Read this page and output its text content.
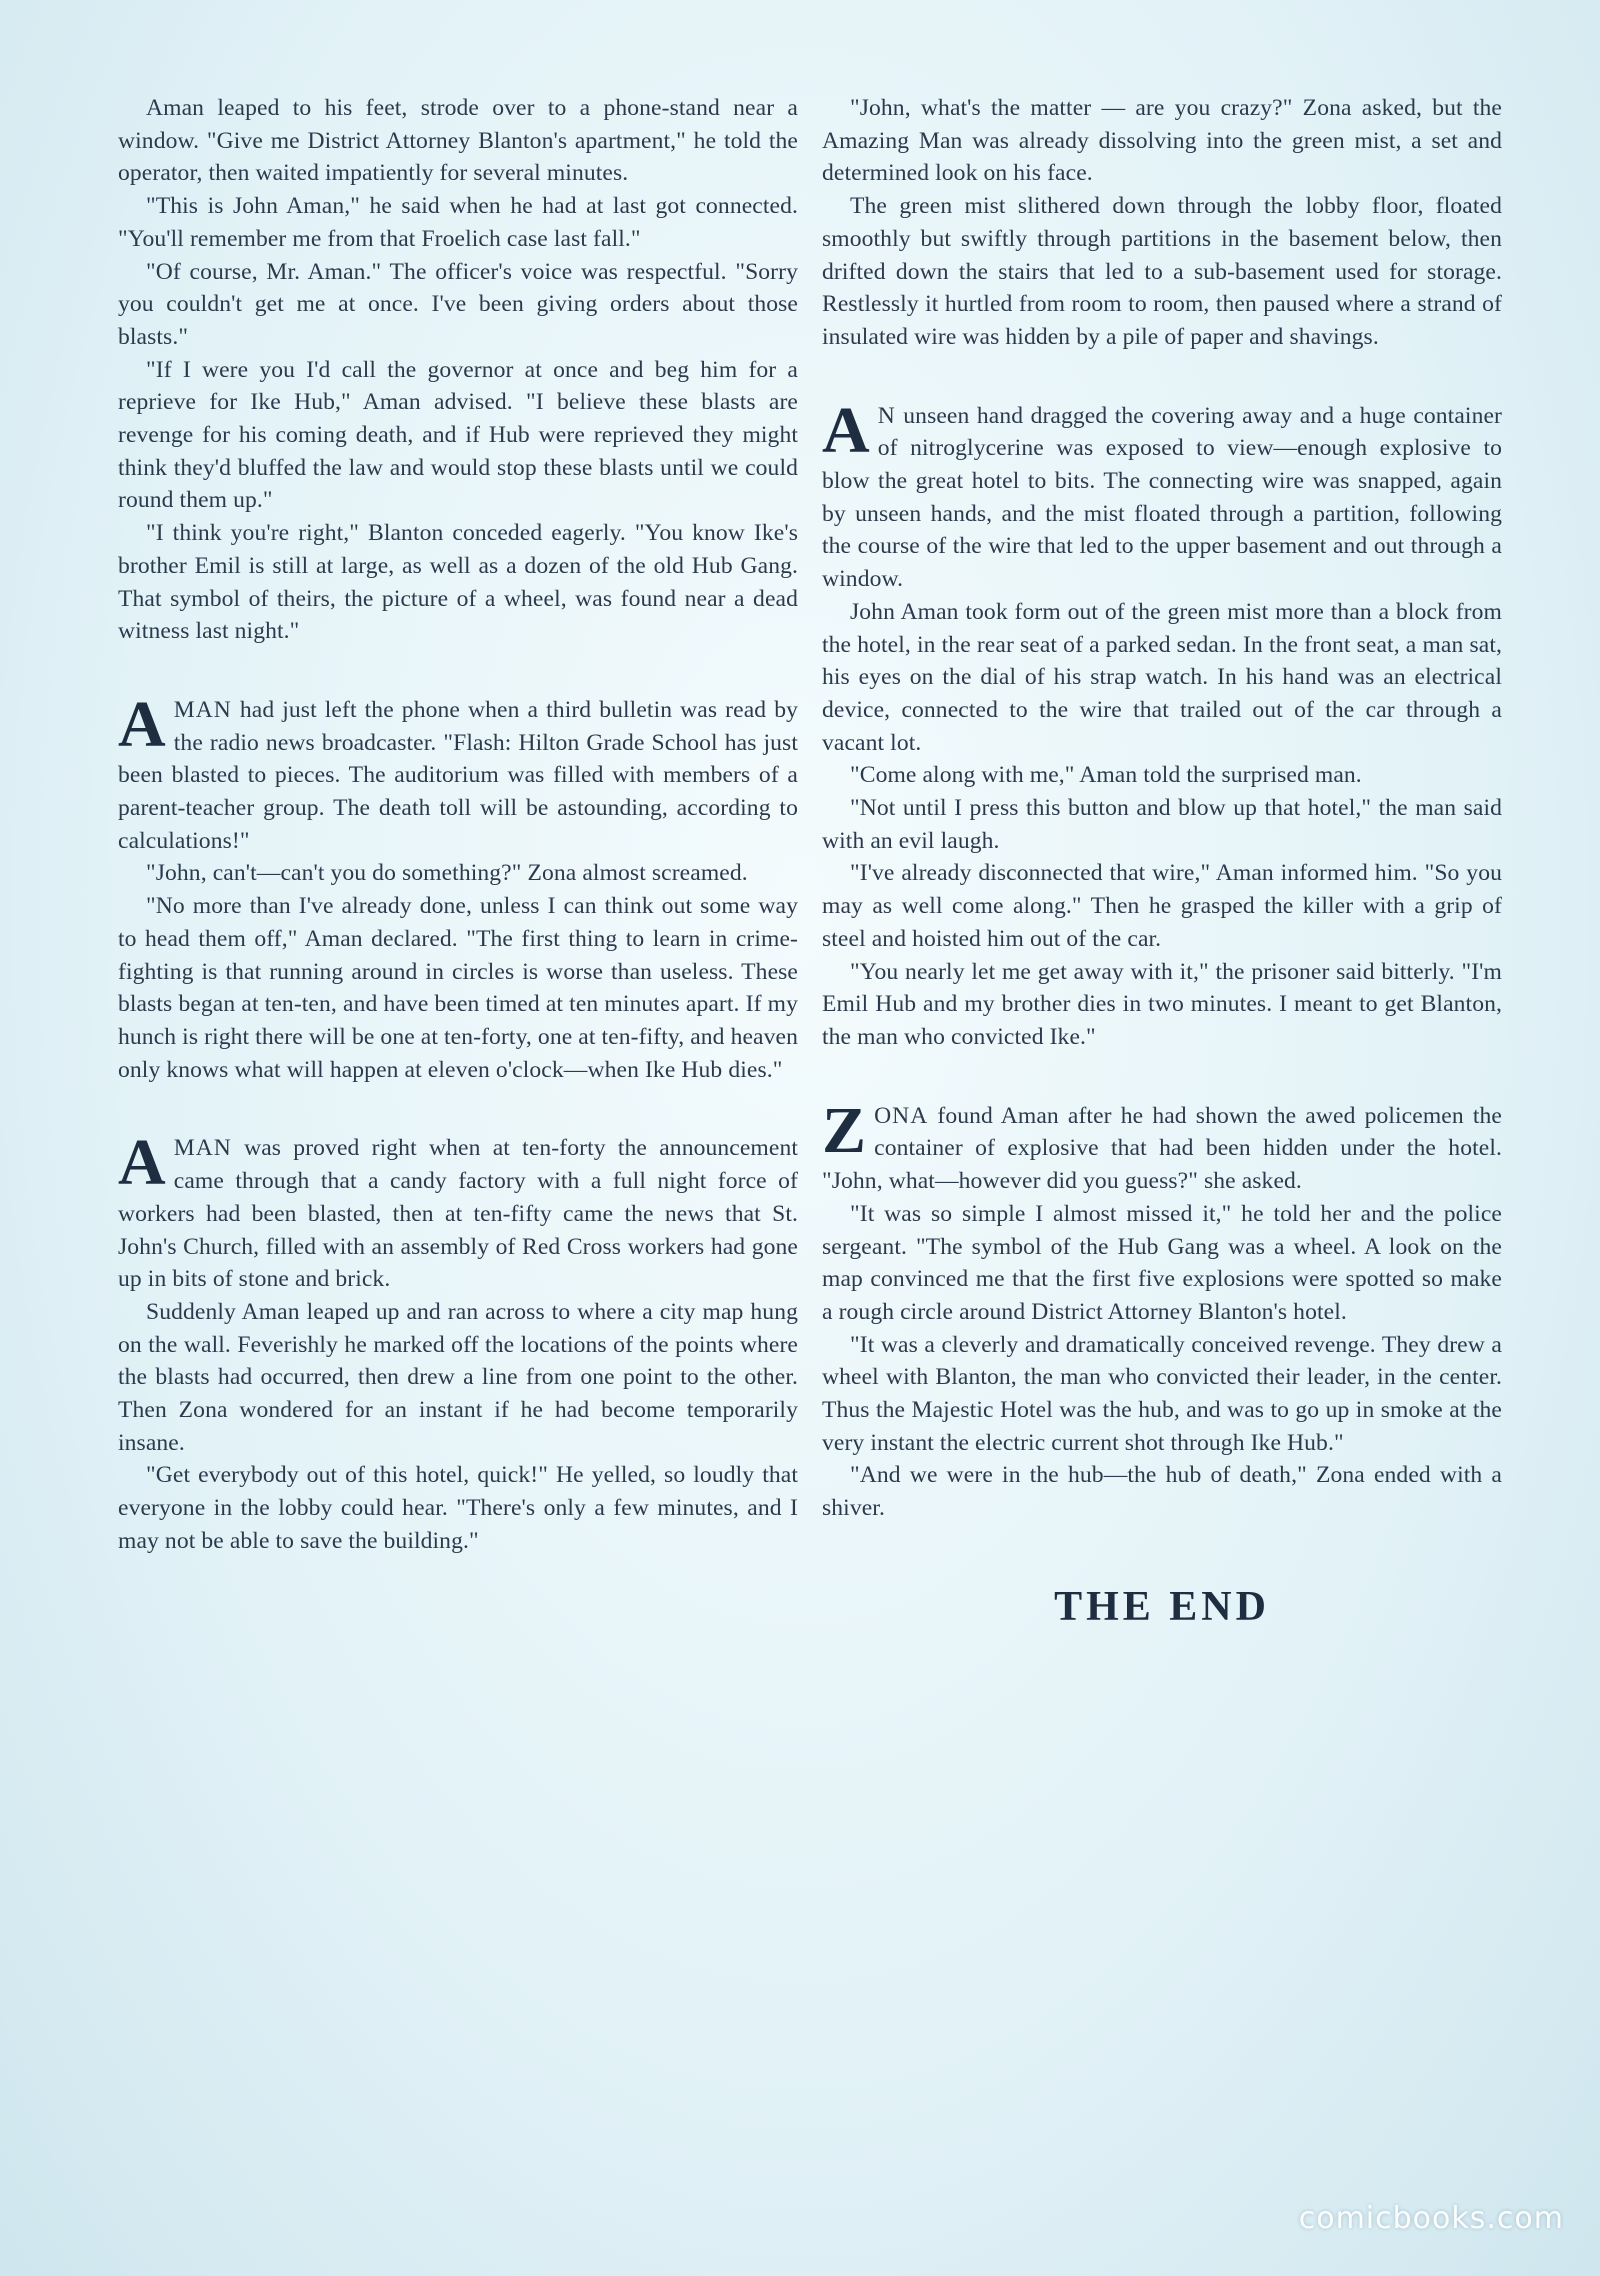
Aman leaped to his feet, strode over to a phone-stand near a window. "Give me District Attorney Blanton's apartment," he told the operator, then waited impatiently for several minutes.

"This is John Aman," he said when he had at last got connected. "You'll remember me from that Froelich case last fall."

"Of course, Mr. Aman." The officer's voice was respectful. "Sorry you couldn't get me at once. I've been giving orders about those blasts."

"If I were you I'd call the governor at once and beg him for a reprieve for Ike Hub," Aman advised. "I believe these blasts are revenge for his coming death, and if Hub were reprieved they might think they'd bluffed the law and would stop these blasts until we could round them up."

"I think you're right," Blanton conceded eagerly. "You know Ike's brother Emil is still at large, as well as a dozen of the old Hub Gang. That symbol of theirs, the picture of a wheel, was found near a dead witness last night."

AMAN had just left the phone when a third bulletin was read by the radio news broadcaster. "Flash: Hilton Grade School has just been blasted to pieces. The auditorium was filled with members of a parent-teacher group. The death toll will be astounding, according to calculations!"

"John, can't—can't you do something?" Zona almost screamed.

"No more than I've already done, unless I can think out some way to head them off," Aman declared. "The first thing to learn in crime-fighting is that running around in circles is worse than useless. These blasts began at ten-ten, and have been timed at ten minutes apart. If my hunch is right there will be one at ten-forty, one at ten-fifty, and heaven only knows what will happen at eleven o'clock—when Ike Hub dies."

AMAN was proved right when at ten-forty the announcement came through that a candy factory with a full night force of workers had been blasted, then at ten-fifty came the news that St. John's Church, filled with an assembly of Red Cross workers had gone up in bits of stone and brick.

Suddenly Aman leaped up and ran across to where a city map hung on the wall. Feverishly he marked off the locations of the points where the blasts had occurred, then drew a line from one point to the other. Then Zona wondered for an instant if he had become temporarily insane.

"Get everybody out of this hotel, quick!" He yelled, so loudly that everyone in the lobby could hear. "There's only a few minutes, and I may not be able to save the building."

"John, what's the matter — are you crazy?" Zona asked, but the Amazing Man was already dissolving into the green mist, a set and determined look on his face.

The green mist slithered down through the lobby floor, floated smoothly but swiftly through partitions in the basement below, then drifted down the stairs that led to a sub-basement used for storage. Restlessly it hurtled from room to room, then paused where a strand of insulated wire was hidden by a pile of paper and shavings.

A N unseen hand dragged the covering away and a huge container of nitroglycerine was exposed to view—enough explosive to blow the great hotel to bits. The connecting wire was snapped, again by unseen hands, and the mist floated through a partition, following the course of the wire that led to the upper basement and out through a window.

John Aman took form out of the green mist more than a block from the hotel, in the rear seat of a parked sedan. In the front seat, a man sat, his eyes on the dial of his strap watch. In his hand was an electrical device, connected to the wire that trailed out of the car through a vacant lot.

"Come along with me," Aman told the surprised man.

"Not until I press this button and blow up that hotel," the man said with an evil laugh.

"I've already disconnected that wire," Aman informed him. "So you may as well come along." Then he grasped the killer with a grip of steel and hoisted him out of the car.

"You nearly let me get away with it," the prisoner said bitterly. "I'm Emil Hub and my brother dies in two minutes. I meant to get Blanton, the man who convicted Ike."

ZONA found Aman after he had shown the awed policemen the container of explosive that had been hidden under the hotel. "John, what—however did you guess?" she asked.

"It was so simple I almost missed it," he told her and the police sergeant. "The symbol of the Hub Gang was a wheel. A look on the map convinced me that the first five explosions were spotted so make a rough circle around District Attorney Blanton's hotel.

"It was a cleverly and dramatically conceived revenge. They drew a wheel with Blanton, the man who convicted their leader, in the center. Thus the Majestic Hotel was the hub, and was to go up in smoke at the very instant the electric current shot through Ike Hub."

"And we were in the hub—the hub of death," Zona ended with a shiver.

THE END
comicbooks.com
